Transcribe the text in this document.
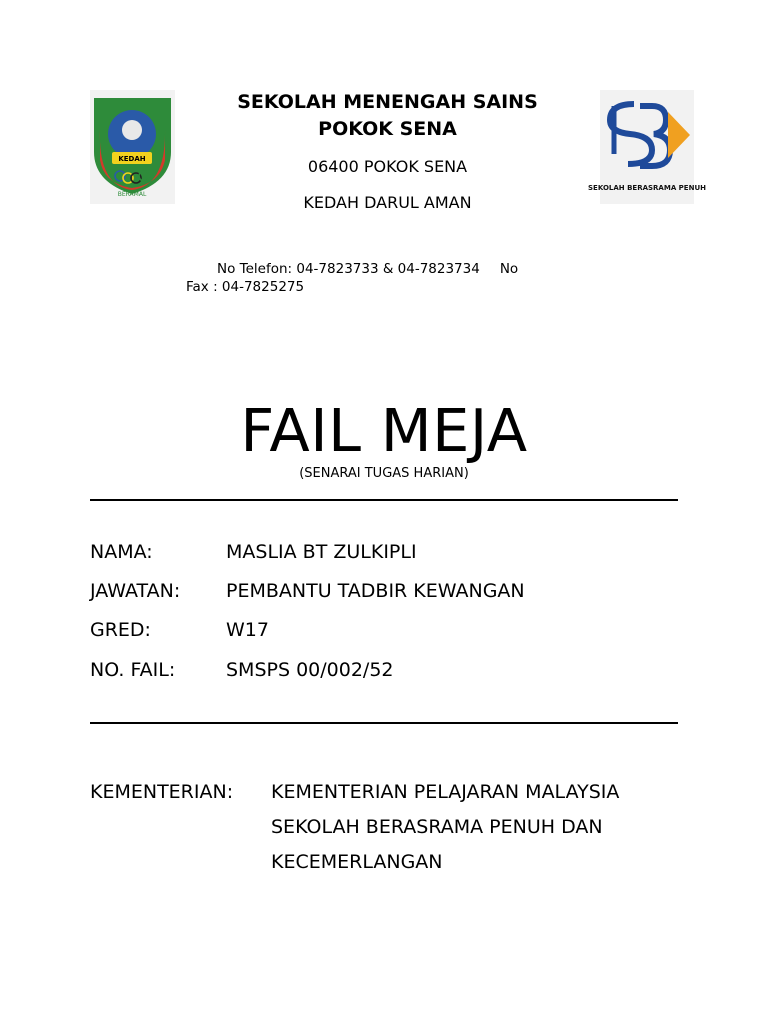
KEDAH
BERAMAL
SEKOLAH BERASRAMA PENUH
SEKOLAH MENENGAH SAINS
POKOK SENA
06400 POKOK SENA
KEDAH DARUL AMAN
No Telefon: 04-7823733 & 04-7823734 No
Fax : 04-7825275
FAIL MEJA
(SENARAI TUGAS HARIAN)
NAMA:	MASLIA BT ZULKIPLI
JAWATAN: PEMBANTU TADBIR KEWANGAN
GRED:	W17
NO. FAIL:	SMSPS 00/002/52
KEMENTERIAN: KEMENTERIAN PELAJARAN MALAYSIA
SEKOLAH BERASRAMA PENUH DAN
KECEMERLANGAN
